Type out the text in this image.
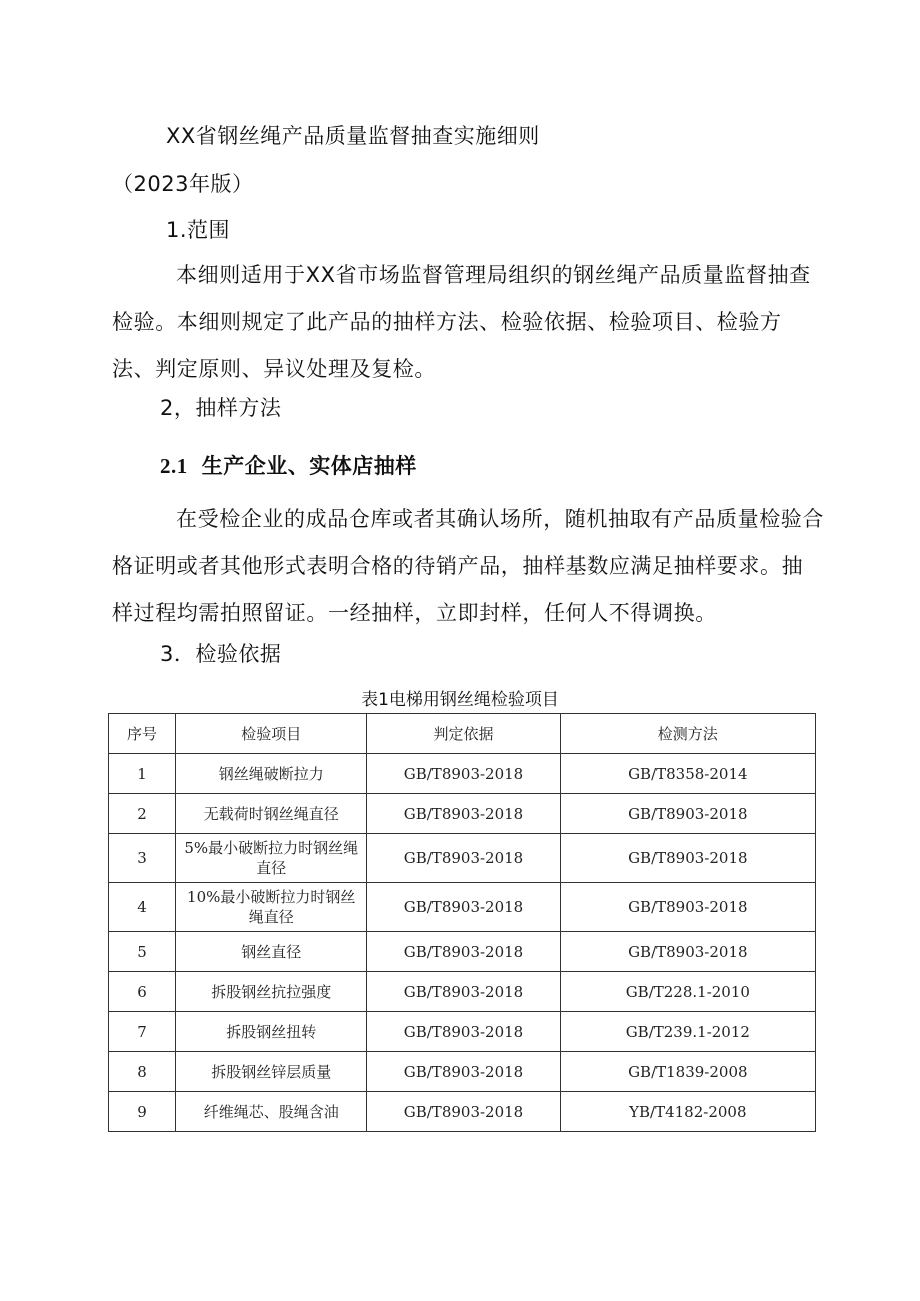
XX省钢丝绳产品质量监督抽查实施细则
（2023年版）
1.范围
本细则适用于XX省市场监督管理局组织的钢丝绳产品质量监督抽查检验。本细则规定了此产品的抽样方法、检验依据、检验项目、检验方法、判定原则、异议处理及复检。
2，抽样方法
2.1 生产企业、实体店抽样
在受检企业的成品仓库或者其确认场所，随机抽取有产品质量检验合格证明或者其他形式表明合格的待销产品，抽样基数应满足抽样要求。抽样过程均需拍照留证。一经抽样，立即封样，任何人不得调换。
3．检验依据
表1电梯用钢丝绳检验项目
序号	检验项目	判定依据	检测方法
1	钢丝绳破断拉力	GB/T8903-2018	GB/T8358-2014
2	无载荷时钢丝绳直径	GB/T8903-2018	GB/T8903-2018
3	5%最小破断拉力时钢丝绳直径	GB/T8903-2018	GB/T8903-2018
4	10%最小破断拉力时钢丝绳直径	GB/T8903-2018	GB/T8903-2018
5	钢丝直径	GB/T8903-2018	GB/T8903-2018
6	拆股钢丝抗拉强度	GB/T8903-2018	GB/T228.1-2010
7	拆股钢丝扭转	GB/T8903-2018	GB/T239.1-2012
8	拆股钢丝锌层质量	GB/T8903-2018	GB/T1839-2008
9	纤维绳芯、股绳含油	GB/T8903-2018	YB/T4182-2008
